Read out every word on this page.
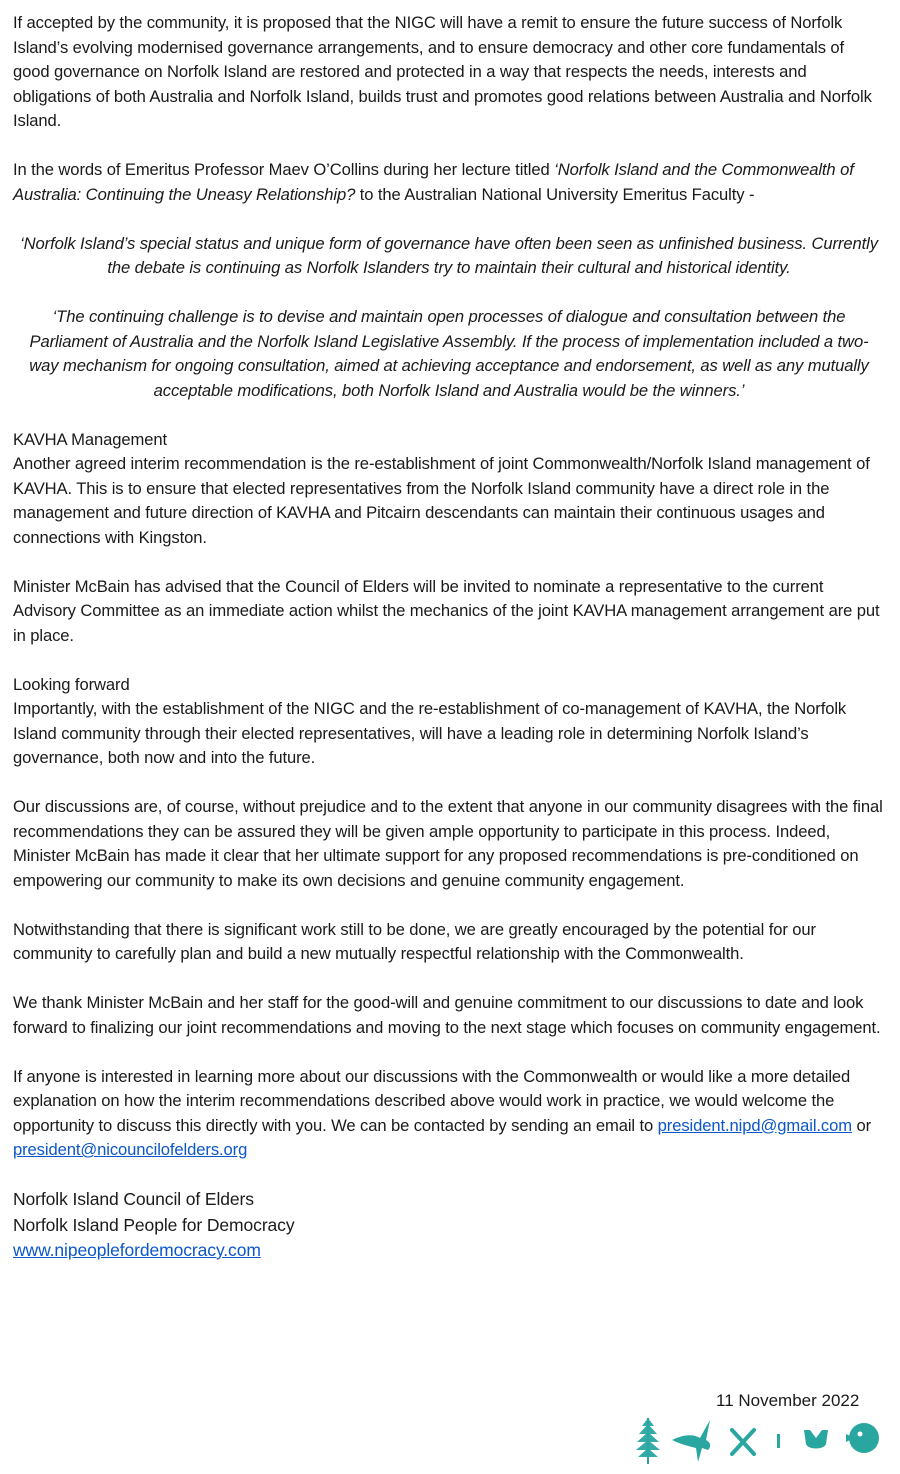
If accepted by the community, it is proposed that the NIGC will have a remit to ensure the future success of Norfolk Island’s evolving modernised governance arrangements, and to ensure democracy and other core fundamentals of good governance on Norfolk Island are restored and protected in a way that respects the needs, interests and obligations of both Australia and Norfolk Island, builds trust and promotes good relations between Australia and Norfolk Island.

In the words of Emeritus Professor Maev O’Collins during her lecture titled ‘Norfolk Island and the Commonwealth of Australia: Continuing the Uneasy Relationship? to the Australian National University Emeritus Faculty -

‘Norfolk Island’s special status and unique form of governance have often been seen as unfinished business. Currently the debate is continuing as Norfolk Islanders try to maintain their cultural and historical identity.

‘The continuing challenge is to devise and maintain open processes of dialogue and consultation between the Parliament of Australia and the Norfolk Island Legislative Assembly. If the process of implementation included a two-way mechanism for ongoing consultation, aimed at achieving acceptance and endorsement, as well as any mutually acceptable modifications, both Norfolk Island and Australia would be the winners.’

KAVHA Management

Another agreed interim recommendation is the re-establishment of joint Commonwealth/Norfolk Island management of KAVHA. This is to ensure that elected representatives from the Norfolk Island community have a direct role in the management and future direction of KAVHA and Pitcairn descendants can maintain their continuous usages and connections with Kingston.

Minister McBain has advised that the Council of Elders will be invited to nominate a representative to the current Advisory Committee as an immediate action whilst the mechanics of the joint KAVHA management arrangement are put in place.

Looking forward

Importantly, with the establishment of the NIGC and the re-establishment of co-management of KAVHA, the Norfolk Island community through their elected representatives, will have a leading role in determining Norfolk Island’s governance, both now and into the future.

Our discussions are, of course, without prejudice and to the extent that anyone in our community disagrees with the final recommendations they can be assured they will be given ample opportunity to participate in this process. Indeed, Minister McBain has made it clear that her ultimate support for any proposed recommendations is pre-conditioned on empowering our community to make its own decisions and genuine community engagement.

Notwithstanding that there is significant work still to be done, we are greatly encouraged by the potential for our community to carefully plan and build a new mutually respectful relationship with the Commonwealth.

We thank Minister McBain and her staff for the good-will and genuine commitment to our discussions to date and look forward to finalizing our joint recommendations and moving to the next stage which focuses on community engagement.

If anyone is interested in learning more about our discussions with the Commonwealth or would like a more detailed explanation on how the interim recommendations described above would work in practice, we would welcome the opportunity to discuss this directly with you. We can be contacted by sending an email to president.nipd@gmail.com or president@nicouncilofelders.org

Norfolk Island Council of Elders
Norfolk Island People for Democracy
www.nipeoplefordemocracy.com
11 November 2022
